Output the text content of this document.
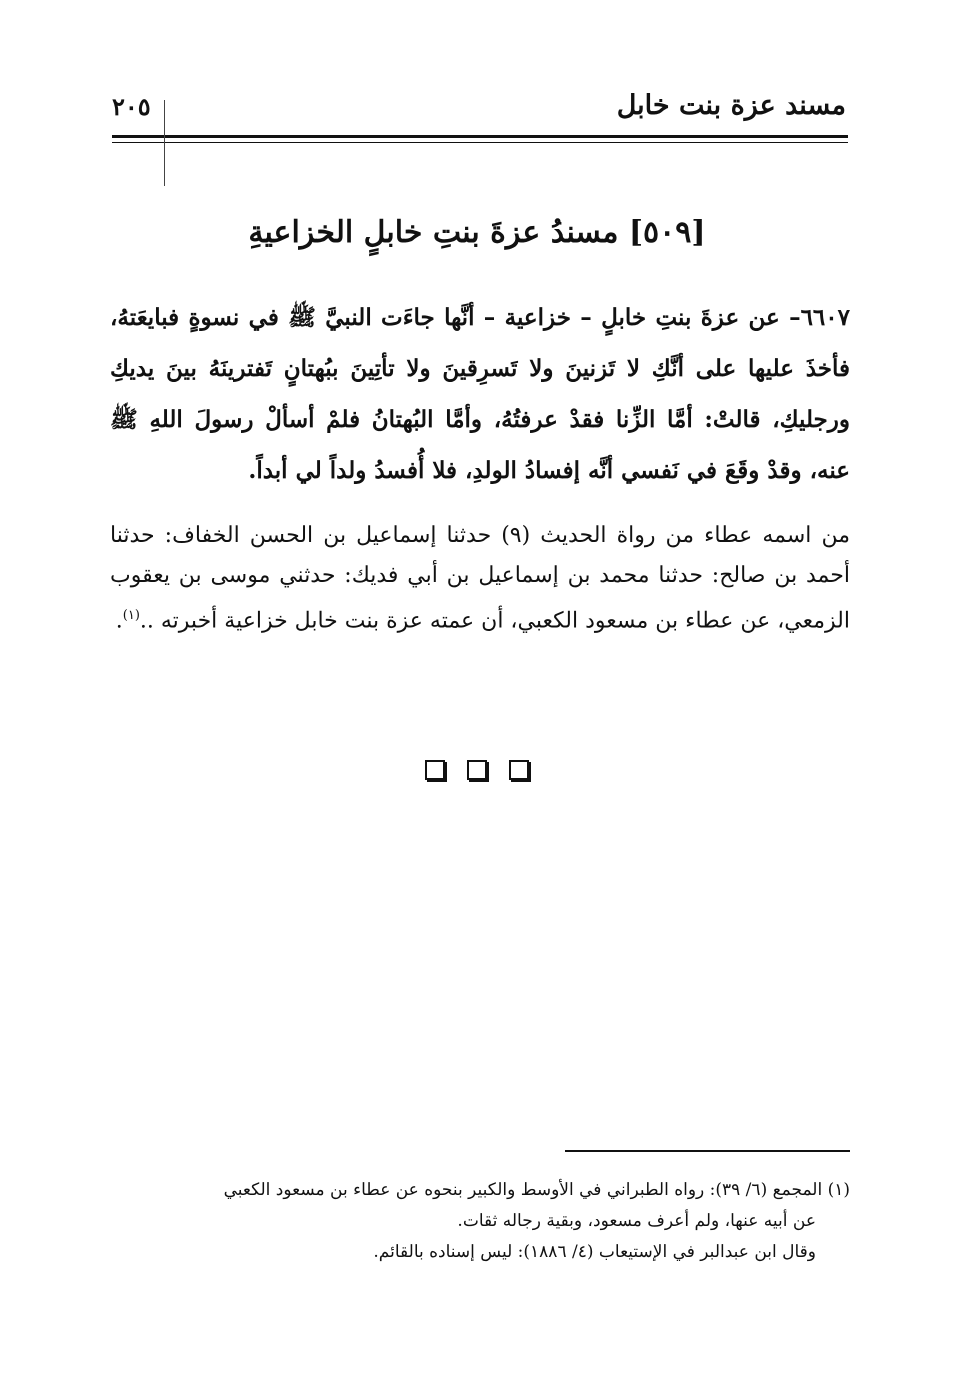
مسند عزة بنت خابل
٢٠٥
[٥٠٩] مسندُ عزةَ بنتِ خابلٍ الخزاعيةِ

٦٦٠٧– عن عزةَ بنتِ خابلٍ – خزاعية – أنَّها جاءَت النبيَّ ﷺ في نسوةٍ فبايعَتهُ، فأخذَ عليها على أنَّكِ لا تَزنينَ ولا تَسرِقينَ ولا تأتِينَ ببُهتانٍ تَفترينَهُ بينَ يديكِ ورجليكِ، قالتْ: أمَّا الزِّنا فقدْ عرفتُهُ، وأمَّا البُهتانُ فلمْ أسألْ رسولَ اللهِ ﷺ عنه، وقدْ وقَعَ في نَفسي أنَّه إفسادُ الولدِ، فلا أُفسدُ ولداً لي أبداً.

من اسمه عطاء من رواة الحديث (٩) حدثنا إسماعيل بن الحسن الخفاف: حدثنا أحمد بن صالح: حدثنا محمد بن إسماعيل بن أبي فديك: حدثني موسى بن يعقوب الزمعي، عن عطاء بن مسعود الكعبي، أن عمته عزة بنت خابل خزاعية أخبرته ..$^{(١)}$.

(١) المجمع (٦/ ٣٩): رواه الطبراني في الأوسط والكبير بنحوه عن عطاء بن مسعود الكعبي
عن أبيه عنها، ولم أعرف مسعود، وبقية رجاله ثقات.
وقال ابن عبدالبر في الإستيعاب (٤/ ١٨٨٦): ليس إسناده بالقائم.
